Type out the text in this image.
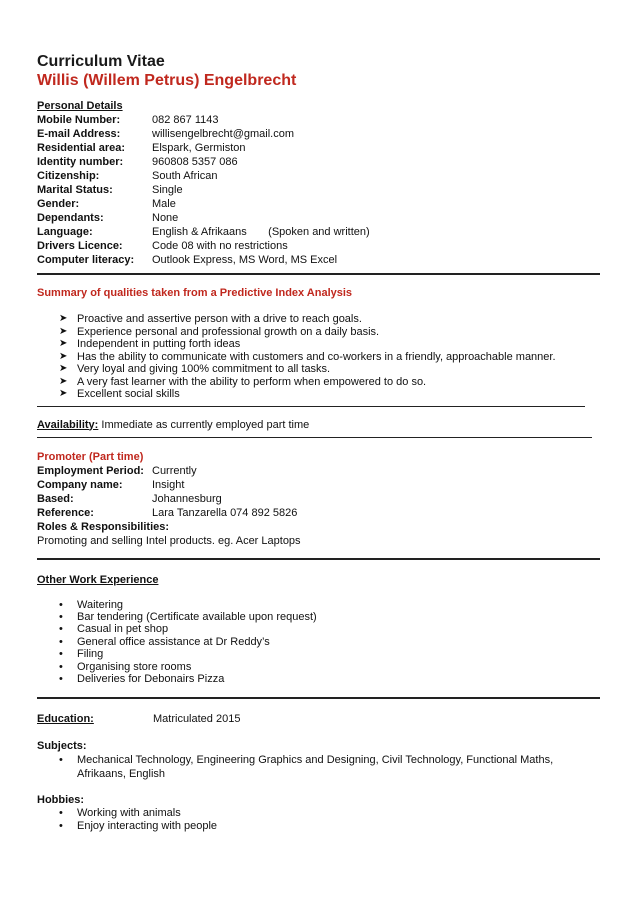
Curriculum Vitae
Willis (Willem Petrus) Engelbrecht
Personal Details
Mobile Number:	082 867 1143
E-mail Address:	willisengelbrecht@gmail.com
Residential area:	Elspark, Germiston
Identity number:	960808 5357 086
Citizenship:	South African
Marital Status:	Single
Gender:	Male
Dependants:	None
Language:	English & Afrikaans       (Spoken and written)
Drivers Licence:	Code 08 with no restrictions
Computer literacy:	Outlook Express, MS Word, MS Excel
Summary of qualities taken from a Predictive Index Analysis
➤ Proactive and assertive person with a drive to reach goals.
➤ Experience personal and professional growth on a daily basis.
➤ Independent in putting forth ideas
➤ Has the ability to communicate with customers and co-workers in a friendly, approachable manner.
➤ Very loyal and giving 100% commitment to all tasks.
➤ A very fast learner with the ability to perform when empowered to do so.
➤ Excellent social skills
Availability: Immediate as currently employed part time
Promoter (Part time)
Employment Period: Currently
Company name:	Insight
Based:	Johannesburg
Reference:	Lara Tanzarella 074 892 5826
Roles & Responsibilities:
Promoting and selling Intel products. eg. Acer Laptops
Other Work Experience
• Waitering
• Bar tendering (Certificate available upon request)
• Casual in pet shop
• General office assistance at Dr Reddy’s
• Filing
• Organising store rooms
• Deliveries for Debonairs Pizza
Education:	Matriculated 2015
Subjects:
• Mechanical Technology, Engineering Graphics and Designing, Civil Technology, Functional Maths, Afrikaans, English
Hobbies:
• Working with animals
• Enjoy interacting with people
